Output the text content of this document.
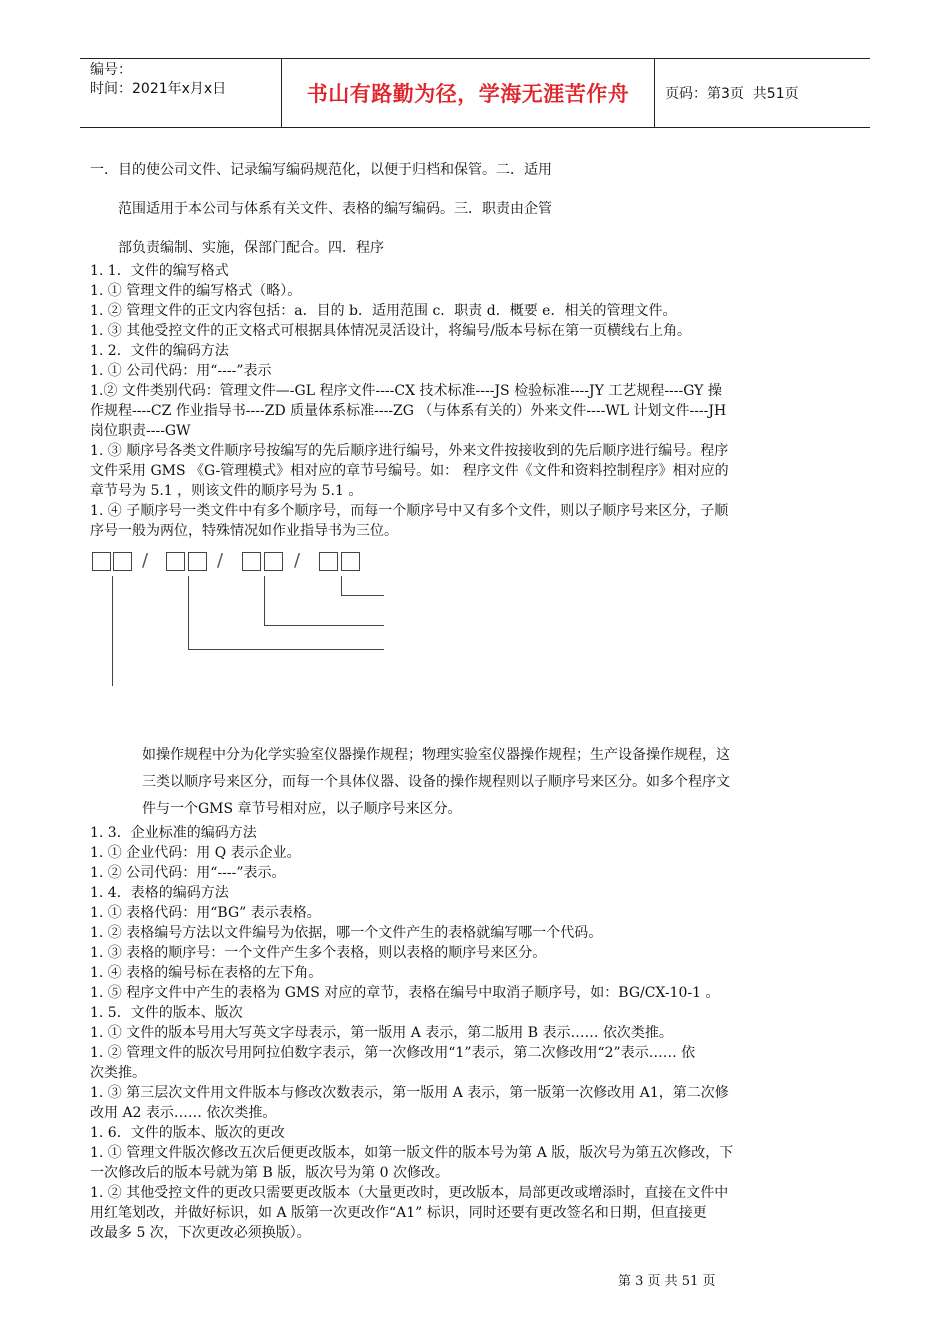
编号：
时间：2021年x月x日	书山有路勤为径，学海无涯苦作舟	页码：第3页  共51页
一．目的使公司文件、记录编写编码规范化，以便于归档和保管。二．适用
范围适用于本公司与体系有关文件、表格的编写编码。三．职责由企管
部负责编制、实施，保部门配合。四．程序
1. 1．文件的编写格式
1. ① 管理文件的编写格式（略）。
1. ② 管理文件的正文内容包括：a．目的 b．适用范围 c．职责 d．概要 e．相关的管理文件。
1. ③ 其他受控文件的正文格式可根据具体情况灵活设计，将编号/版本号标在第一页横线右上角。
1. 2．文件的编码方法
1. ① 公司代码：用“----”表示
1.② 文件类别代码：管理文件—-GL 程序文件----CX 技术标准----JS 检验标准----JY 工艺规程----GY 操
作规程----CZ 作业指导书----ZD 质量体系标准----ZG （与体系有关的）外来文件----WL 计划文件----JH
岗位职责----GW
1. ③ 顺序号各类文件顺序号按编写的先后顺序进行编号，外来文件按接收到的先后顺序进行编号。程序
文件采用 GMS 《G-管理模式》相对应的章节号编号。如： 程序文件《文件和资料控制程序》相对应的
章节号为 5.1 ，则该文件的顺序号为 5.1 。
1. ④ 子顺序号一类文件中有多个顺序号，而每一个顺序号中又有多个文件，则以子顺序号来区分，子顺
序号一般为两位，特殊情况如作业指导书为三位。
/	/	/
如操作规程中分为化学实验室仪器操作规程；物理实验室仪器操作规程；生产设备操作规程，这
三类以顺序号来区分，而每一个具体仪器、设备的操作规程则以子顺序号来区分。如多个程序文
件与一个GMS 章节号相对应，以子顺序号来区分。
1. 3．企业标准的编码方法
1. ① 企业代码：用 Q 表示企业。
1. ② 公司代码：用“----”表示。
1. 4．表格的编码方法
1. ① 表格代码：用“BG” 表示表格。
1. ② 表格编号方法以文件编号为依据，哪一个文件产生的表格就编写哪一个代码。
1. ③ 表格的顺序号：一个文件产生多个表格，则以表格的顺序号来区分。
1. ④ 表格的编号标在表格的左下角。
1. ⑤ 程序文件中产生的表格为 GMS 对应的章节，表格在编号中取消子顺序号，如：BG/CX-10-1 。
1. 5．文件的版本、版次
1. ① 文件的版本号用大写英文字母表示，第一版用 A 表示，第二版用 B 表示…… 依次类推。
1. ② 管理文件的版次号用阿拉伯数字表示，第一次修改用“1”表示，第二次修改用“2”表示…… 依
次类推。
1. ③ 第三层次文件用文件版本与修改次数表示，第一版用 A 表示，第一版第一次修改用 A1，第二次修
改用 A2 表示…… 依次类推。
1. 6．文件的版本、版次的更改
1. ① 管理文件版次修改五次后便更改版本，如第一版文件的版本号为第 A 版，版次号为第五次修改，下
一次修改后的版本号就为第 B 版，版次号为第 0 次修改。
1. ② 其他受控文件的更改只需要更改版本（大量更改时，更改版本，局部更改或增添时，直接在文件中
用红笔划改，并做好标识，如 A 版第一次更改作“A1” 标识，同时还要有更改签名和日期，但直接更
改最多 5 次，下次更改必须换版）。
第 3 页 共 51 页
